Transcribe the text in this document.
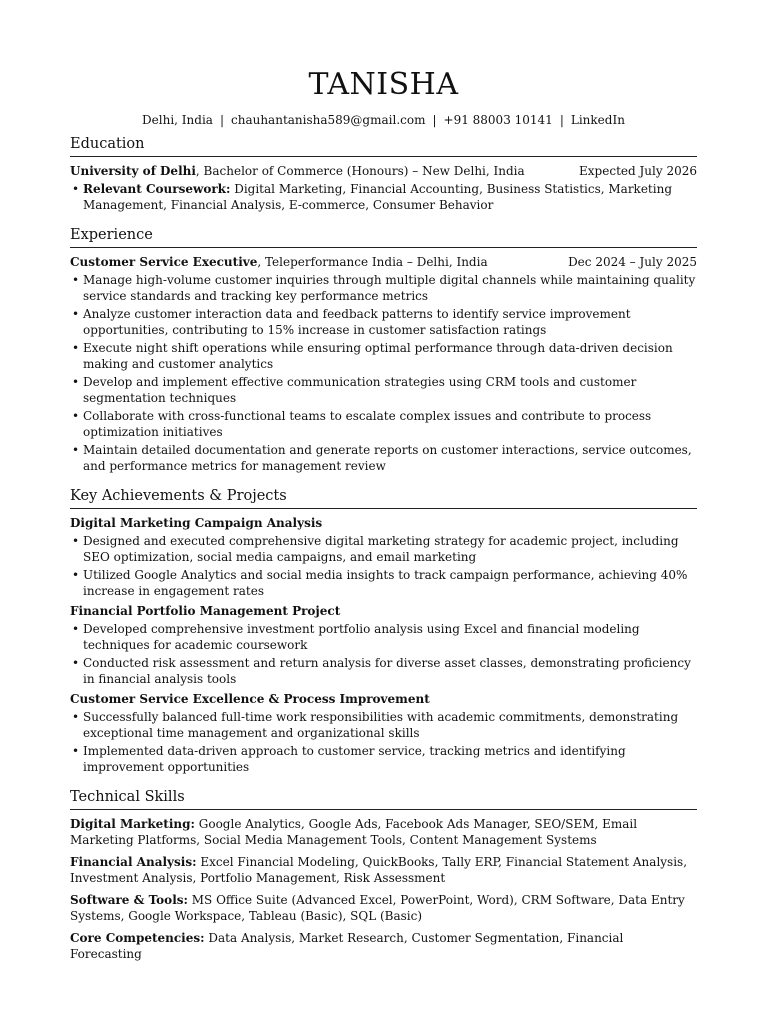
TANISHA
Delhi, India | chauhantanisha589@gmail.com | +91 88003 10141 | LinkedIn
Education
University of Delhi, Bachelor of Commerce (Honours) – New Delhi, India	Expected July 2026
• Relevant Coursework: Digital Marketing, Financial Accounting, Business Statistics, Marketing Management, Financial Analysis, E-commerce, Consumer Behavior
Experience
Customer Service Executive, Teleperformance India – Delhi, India	Dec 2024 – July 2025
• Manage high-volume customer inquiries through multiple digital channels while maintaining quality service standards and tracking key performance metrics
• Analyze customer interaction data and feedback patterns to identify service improvement opportunities, contributing to 15% increase in customer satisfaction ratings
• Execute night shift operations while ensuring optimal performance through data-driven decision making and customer analytics
• Develop and implement effective communication strategies using CRM tools and customer segmentation techniques
• Collaborate with cross-functional teams to escalate complex issues and contribute to process optimization initiatives
• Maintain detailed documentation and generate reports on customer interactions, service outcomes, and performance metrics for management review
Key Achievements & Projects
Digital Marketing Campaign Analysis
• Designed and executed comprehensive digital marketing strategy for academic project, including SEO optimization, social media campaigns, and email marketing
• Utilized Google Analytics and social media insights to track campaign performance, achieving 40% increase in engagement rates
Financial Portfolio Management Project
• Developed comprehensive investment portfolio analysis using Excel and financial modeling techniques for academic coursework
• Conducted risk assessment and return analysis for diverse asset classes, demonstrating proficiency in financial analysis tools
Customer Service Excellence & Process Improvement
• Successfully balanced full-time work responsibilities with academic commitments, demonstrating exceptional time management and organizational skills
• Implemented data-driven approach to customer service, tracking metrics and identifying improvement opportunities
Technical Skills
Digital Marketing: Google Analytics, Google Ads, Facebook Ads Manager, SEO/SEM, Email Marketing Platforms, Social Media Management Tools, Content Management Systems
Financial Analysis: Excel Financial Modeling, QuickBooks, Tally ERP, Financial Statement Analysis, Investment Analysis, Portfolio Management, Risk Assessment
Software & Tools: MS Office Suite (Advanced Excel, PowerPoint, Word), CRM Software, Data Entry Systems, Google Workspace, Tableau (Basic), SQL (Basic)
Core Competencies: Data Analysis, Market Research, Customer Segmentation, Financial Forecasting
